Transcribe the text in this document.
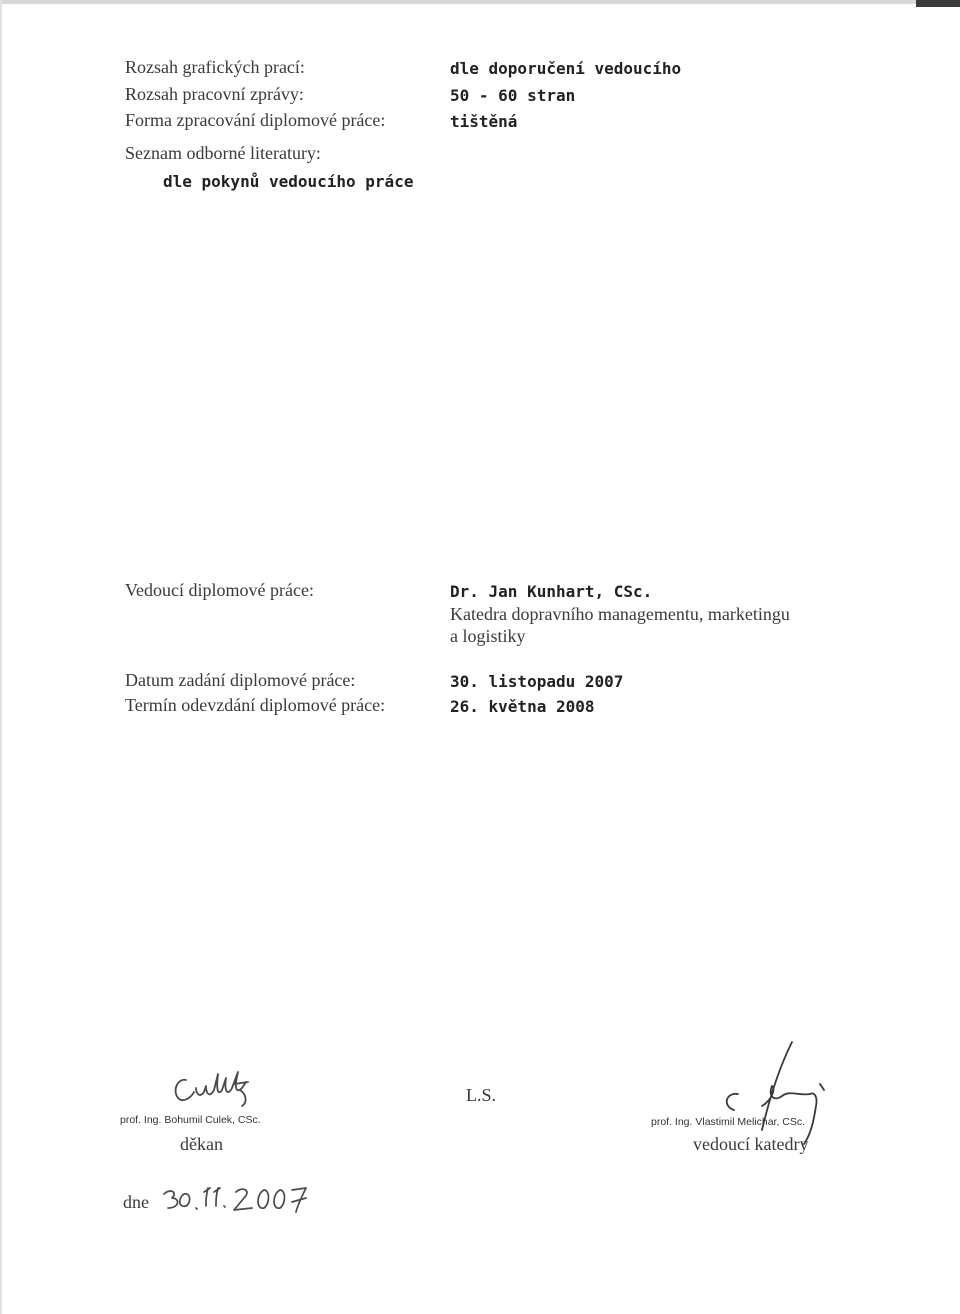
Rozsah grafických prací:	dle doporučení vedoucího
Rozsah pracovní zprávy:	50 - 60 stran
Forma zpracování diplomové práce:	tištěná
Seznam odborné literatury:
dle pokynů vedoucího práce
Vedoucí diplomové práce:	Dr. Jan Kunhart, CSc.
Katedra dopravního managementu, marketingu
a logistiky
Datum zadání diplomové práce:	30. listopadu 2007
Termín odevzdání diplomové práce:	26. května 2008
prof. Ing. Bohumil Culek, CSc.
děkan
L.S.
prof. Ing. Vlastimil Melichar, CSc.
vedoucí katedry
dne
